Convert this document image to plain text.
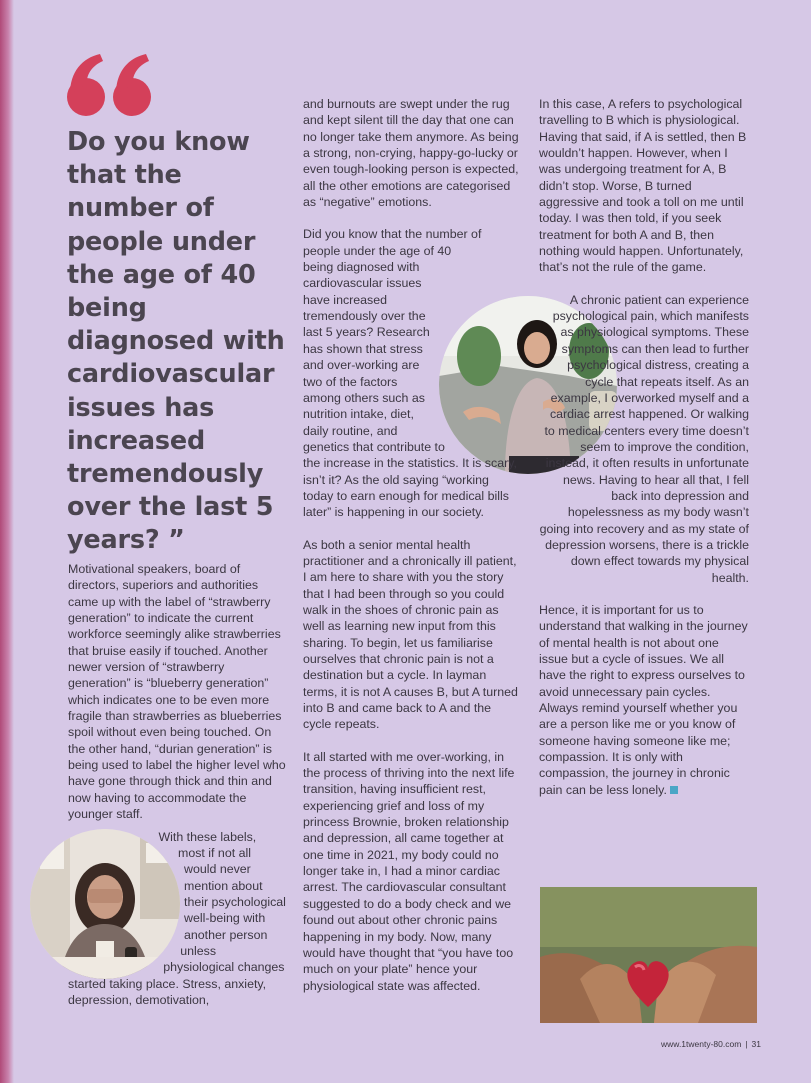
Do you know that the number of people under the age of 40 being diagnosed with cardiovascular issues has increased tremendously over the last 5 years? ”

Motivational speakers, board of directors, superiors and authorities came up with the label of “strawberry generation” to indicate the current workforce seemingly alike strawberries that bruise easily if touched. Another newer version of “strawberry generation” is “blueberry generation” which indicates one to be even more fragile than strawberries as blueberries spoil without even being touched. On the other hand, “durian generation” is being used to label the higher level who have gone through thick and thin and now having to accommodate the younger staff.

With these labels, most if not all would never mention about their psychological well-being with another person unless physiological changes started taking place. Stress, anxiety, depression, demotivation,

and burnouts are swept under the rug and kept silent till the day that one can no longer take them anymore. As being a strong, non-crying, happy-go-lucky or even tough-looking person is expected, all the other emotions are categorised as “negative” emotions.

Did you know that the number of people under the age of 40 being diagnosed with cardiovascular issues have increased tremendously over the last 5 years? Research has shown that stress and over-working are two of the factors among others such as nutrition intake, diet, daily routine, and genetics that contribute to the increase in the statistics. It is scary, isn’t it? As the old saying “working today to earn enough for medical bills later” is happening in our society.

As both a senior mental health practitioner and a chronically ill patient, I am here to share with you the story that I had been through so you could walk in the shoes of chronic pain as well as learning new input from this sharing. To begin, let us familiarise ourselves that chronic pain is not a destination but a cycle. In layman terms, it is not A causes B, but A turned into B and came back to A and the cycle repeats.

It all started with me over-working, in the process of thriving into the next life transition, having insufficient rest, experiencing grief and loss of my princess Brownie, broken relationship and depression, all came together at one time in 2021, my body could no longer take in, I had a minor cardiac arrest. The cardiovascular consultant suggested to do a body check and we found out about other chronic pains happening in my body. Now, many would have thought that “you have too much on your plate” hence your physiological state was affected.

In this case, A refers to psychological travelling to B which is physiological. Having that said, if A is settled, then B wouldn’t happen. However, when I was undergoing treatment for A, B didn’t stop. Worse, B turned aggressive and took a toll on me until today. I was then told, if you seek treatment for both A and B, then nothing would happen. Unfortunately, that’s not the rule of the game.

A chronic patient can experience psychological pain, which manifests as physiological symptoms. These symptoms can then lead to further psychological distress, creating a cycle that repeats itself. As an example, I overworked myself and a cardiac arrest happened. Or walking to medical centers every time doesn’t seem to improve the condition, instead, it often results in unfortunate news. Having to hear all that, I fell back into depression and hopelessness as my body wasn’t going into recovery and as my state of depression worsens, there is a trickle down effect towards my physical health.

Hence, it is important for us to understand that walking in the journey of mental health is not about one issue but a cycle of issues. We all have the right to express ourselves to avoid unnecessary pain cycles. Always remind yourself whether you are a person like me or you know of someone having someone like me; compassion. It is only with compassion, the journey in chronic pain can be less lonely.

www.1twenty-80.com | 31
